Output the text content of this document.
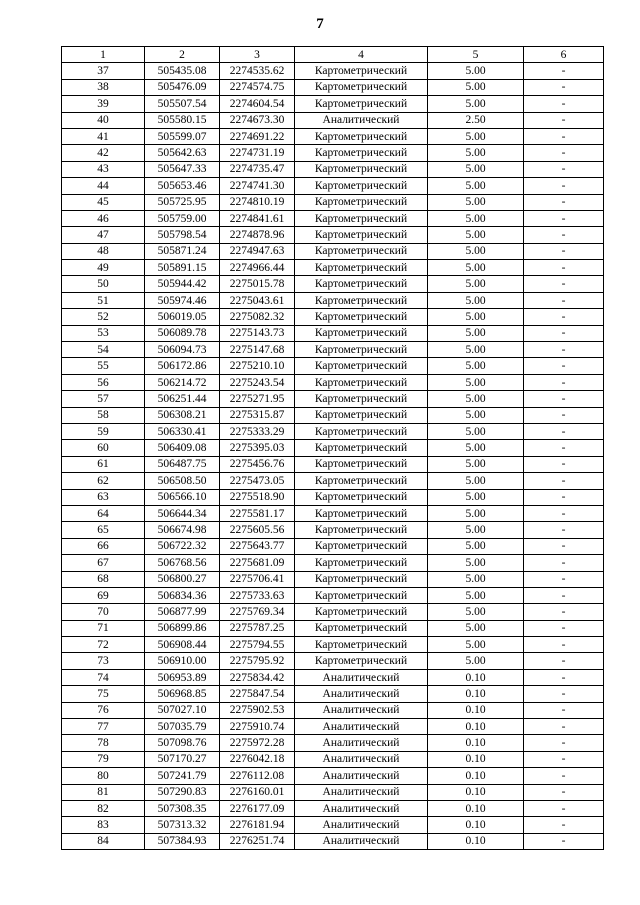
7
1	2	3	4	5	6
37	505435.08	2274535.62	Картометрический	5.00	-
38	505476.09	2274574.75	Картометрический	5.00	-
39	505507.54	2274604.54	Картометрический	5.00	-
40	505580.15	2274673.30	Аналитический	2.50	-
41	505599.07	2274691.22	Картометрический	5.00	-
42	505642.63	2274731.19	Картометрический	5.00	-
43	505647.33	2274735.47	Картометрический	5.00	-
44	505653.46	2274741.30	Картометрический	5.00	-
45	505725.95	2274810.19	Картометрический	5.00	-
46	505759.00	2274841.61	Картометрический	5.00	-
47	505798.54	2274878.96	Картометрический	5.00	-
48	505871.24	2274947.63	Картометрический	5.00	-
49	505891.15	2274966.44	Картометрический	5.00	-
50	505944.42	2275015.78	Картометрический	5.00	-
51	505974.46	2275043.61	Картометрический	5.00	-
52	506019.05	2275082.32	Картометрический	5.00	-
53	506089.78	2275143.73	Картометрический	5.00	-
54	506094.73	2275147.68	Картометрический	5.00	-
55	506172.86	2275210.10	Картометрический	5.00	-
56	506214.72	2275243.54	Картометрический	5.00	-
57	506251.44	2275271.95	Картометрический	5.00	-
58	506308.21	2275315.87	Картометрический	5.00	-
59	506330.41	2275333.29	Картометрический	5.00	-
60	506409.08	2275395.03	Картометрический	5.00	-
61	506487.75	2275456.76	Картометрический	5.00	-
62	506508.50	2275473.05	Картометрический	5.00	-
63	506566.10	2275518.90	Картометрический	5.00	-
64	506644.34	2275581.17	Картометрический	5.00	-
65	506674.98	2275605.56	Картометрический	5.00	-
66	506722.32	2275643.77	Картометрический	5.00	-
67	506768.56	2275681.09	Картометрический	5.00	-
68	506800.27	2275706.41	Картометрический	5.00	-
69	506834.36	2275733.63	Картометрический	5.00	-
70	506877.99	2275769.34	Картометрический	5.00	-
71	506899.86	2275787.25	Картометрический	5.00	-
72	506908.44	2275794.55	Картометрический	5.00	-
73	506910.00	2275795.92	Картометрический	5.00	-
74	506953.89	2275834.42	Аналитический	0.10	-
75	506968.85	2275847.54	Аналитический	0.10	-
76	507027.10	2275902.53	Аналитический	0.10	-
77	507035.79	2275910.74	Аналитический	0.10	-
78	507098.76	2275972.28	Аналитический	0.10	-
79	507170.27	2276042.18	Аналитический	0.10	-
80	507241.79	2276112.08	Аналитический	0.10	-
81	507290.83	2276160.01	Аналитический	0.10	-
82	507308.35	2276177.09	Аналитический	0.10	-
83	507313.32	2276181.94	Аналитический	0.10	-
84	507384.93	2276251.74	Аналитический	0.10	-
